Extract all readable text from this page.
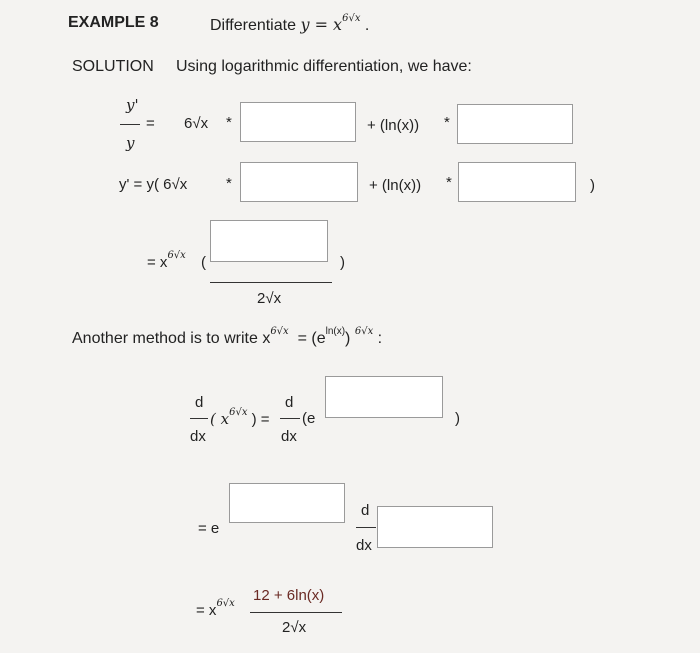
EXAMPLE 8	Differentiate $y = x^{6√x}$ .
SOLUTION Using logarithmic differentiation, we have:
y'
=
y
6√x *	+ (ln(x)) *
y' = y( 6√x	*	+ (ln(x)) *	)
= $x^{6√x}$ (	)
2√x
Another method is to write $x^{6√x} = (e^{ln(x)})$ $^{6√x}$ :
d
dx
( $x^{6√x}$ ) =
d
dx
(e	)
= e
d
dx
= $x^{6√x}$ 12 + 6ln(x)
2√x
